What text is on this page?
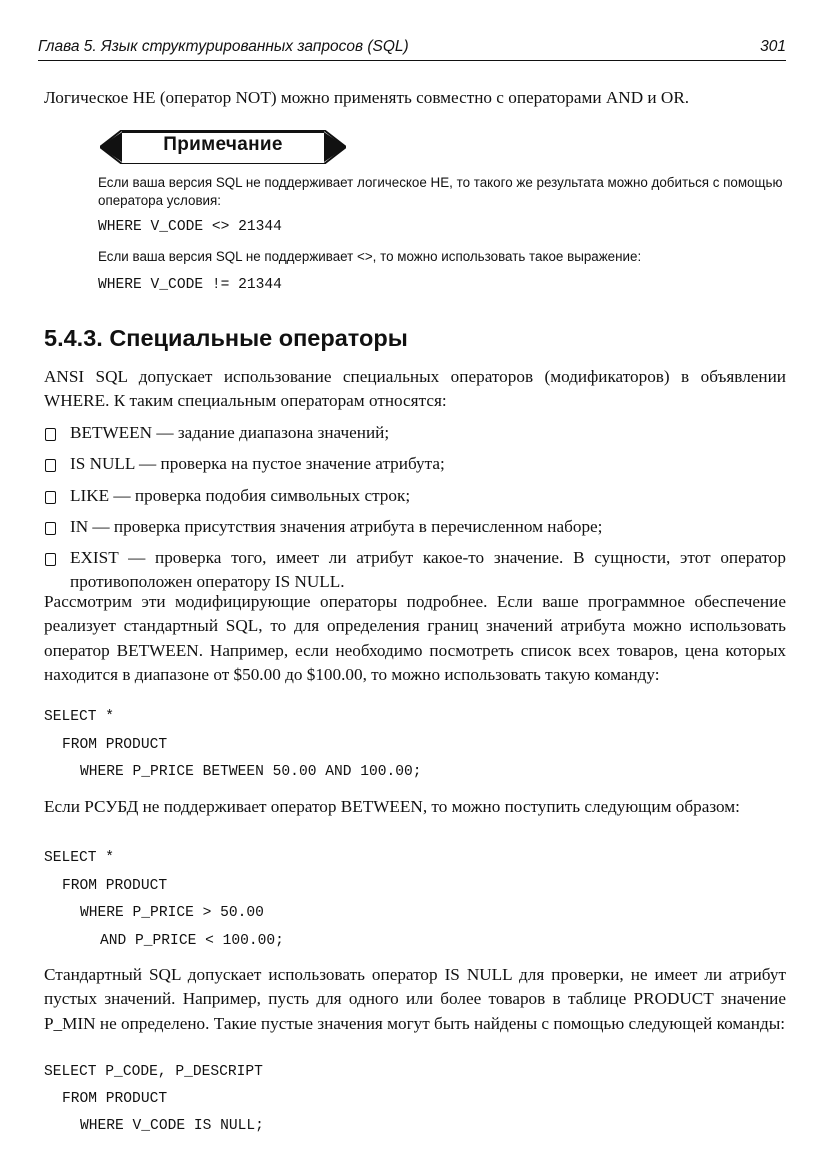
Глава 5. Язык структурированных запросов (SQL)	301
Логическое НЕ (оператор NOT) можно применять совместно с операторами AND и OR.
Примечание
Если ваша версия SQL не поддерживает логическое НЕ, то такого же результата можно добиться с помощью оператора условия:
WHERE V_CODE <> 21344
Если ваша версия SQL не поддерживает <>, то можно использовать такое выражение:
WHERE V_CODE != 21344
5.4.3. Специальные операторы
ANSI SQL допускает использование специальных операторов (модификаторов) в объявлении WHERE. К таким специальным операторам относятся:
BETWEEN — задание диапазона значений;
IS NULL — проверка на пустое значение атрибута;
LIKE — проверка подобия символьных строк;
IN — проверка присутствия значения атрибута в перечисленном наборе;
EXIST — проверка того, имеет ли атрибут какое-то значение. В сущности, этот оператор противоположен оператору IS NULL.
Рассмотрим эти модифицирующие операторы подробнее. Если ваше программное обеспечение реализует стандартный SQL, то для определения границ значений атрибута можно использовать оператор BETWEEN. Например, если необходимо посмотреть список всех товаров, цена которых находится в диапазоне от $50.00 до $100.00, то можно использовать такую команду:
SELECT *
FROM PRODUCT
WHERE P_PRICE BETWEEN 50.00 AND 100.00;
Если РСУБД не поддерживает оператор BETWEEN, то можно поступить следующим образом:
SELECT *
FROM PRODUCT
WHERE P_PRICE > 50.00
AND P_PRICE < 100.00;
Стандартный SQL допускает использовать оператор IS NULL для проверки, не имеет ли атрибут пустых значений. Например, пусть для одного или более товаров в таблице PRODUCT значение P_MIN не определено. Такие пустые значения могут быть найдены с помощью следующей команды:
SELECT P_CODE, P_DESCRIPT
FROM PRODUCT
WHERE V_CODE IS NULL;
